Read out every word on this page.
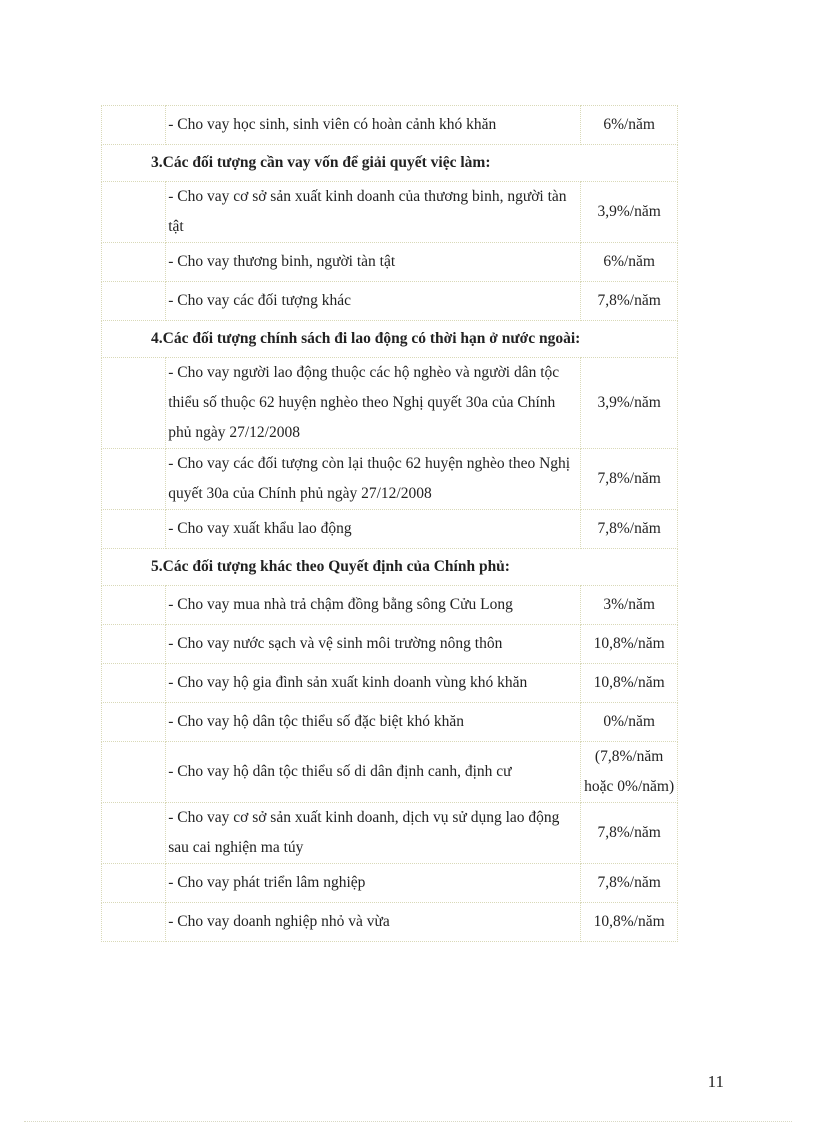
	- Cho vay học sinh, sinh viên có hoàn cảnh khó khăn	6%/năm
3.Các đối tượng cần vay vốn để giải quyết việc làm:		
	- Cho vay cơ sở sản xuất kinh doanh của thương binh, người tàn tật	3,9%/năm
	- Cho vay thương binh, người tàn tật	6%/năm
	- Cho vay các đối tượng khác	7,8%/năm
4.Các đối tượng chính sách đi lao động có thời hạn ở nước ngoài:		
	- Cho vay người lao động thuộc các hộ nghèo và người dân tộc thiểu số thuộc 62 huyện nghèo theo Nghị quyết 30a của Chính phủ ngày 27/12/2008	3,9%/năm
	- Cho vay các đối tượng còn lại thuộc 62 huyện nghèo theo Nghị quyết 30a của Chính phủ ngày 27/12/2008	7,8%/năm
	- Cho vay xuất khẩu lao động	7,8%/năm
5.Các đối tượng khác theo Quyết định của Chính phủ:		
	- Cho vay mua nhà trả chậm đồng bằng sông Cửu Long	3%/năm
	- Cho vay nước sạch và vệ sinh môi trường nông thôn	10,8%/năm
	- Cho vay hộ gia đình sản xuất kinh doanh vùng khó khăn	10,8%/năm
	- Cho vay hộ dân tộc thiểu số đặc biệt khó khăn	0%/năm
	- Cho vay hộ dân tộc thiểu số di dân định canh, định cư	(7,8%/năm hoặc 0%/năm)
	- Cho vay cơ sở sản xuất kinh doanh, dịch vụ sử dụng lao động sau cai nghiện ma túy	7,8%/năm
	- Cho vay phát triển lâm nghiệp	7,8%/năm
	- Cho vay doanh nghiệp nhỏ và vừa	10,8%/năm
11
